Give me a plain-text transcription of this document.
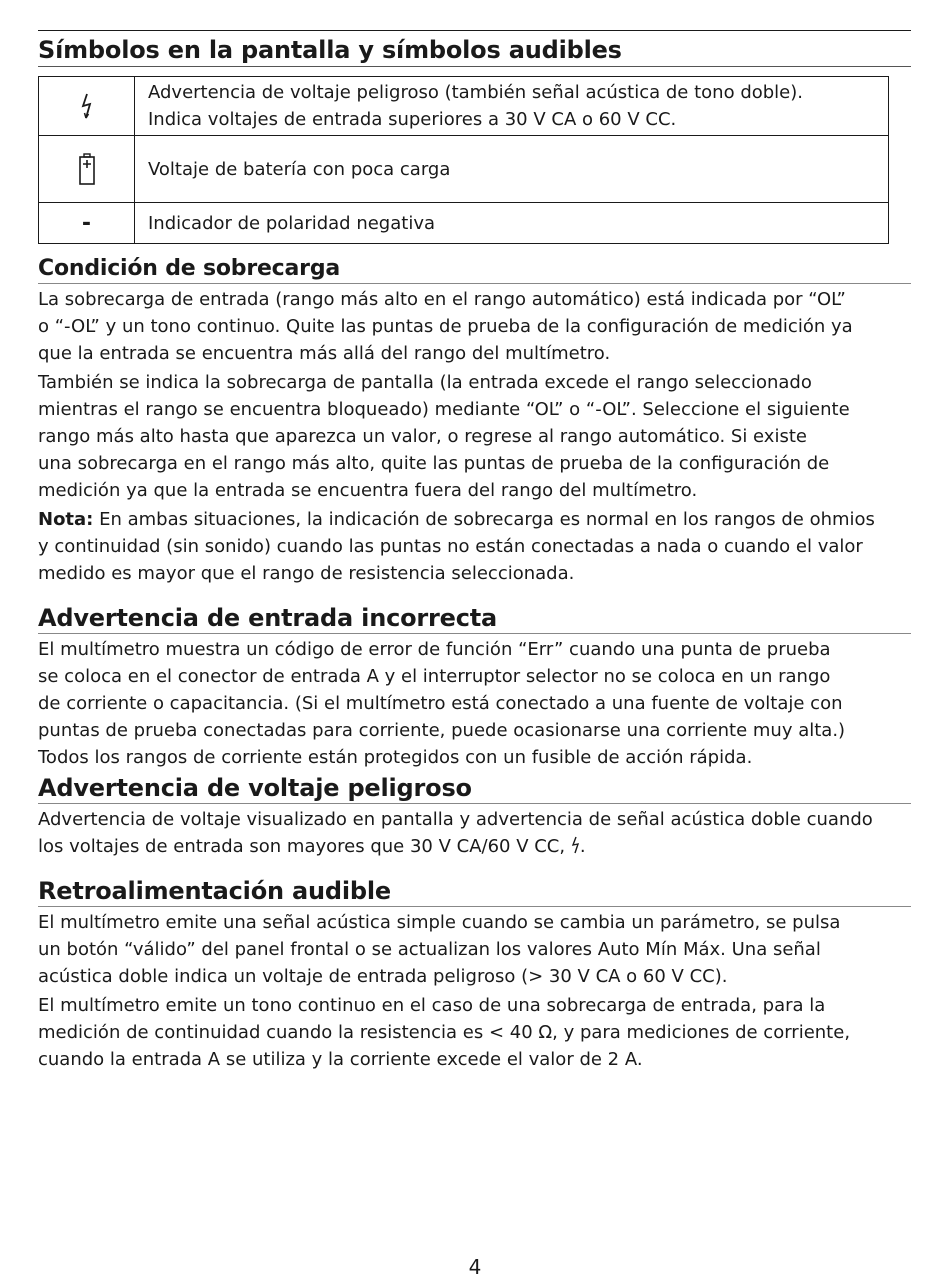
Símbolos en la pantalla y símbolos audibles
	Advertencia de voltaje peligroso (también señal acústica de tono doble).
Indica voltajes de entrada superiores a 30 V CA o 60 V CC.
	Voltaje de batería con poca carga
-	Indicador de polaridad negativa
Condición de sobrecarga

La sobrecarga de entrada (rango más alto en el rango automático) está indicada por “OL”
o “-OL” y un tono continuo. Quite las puntas de prueba de la configuración de medición ya
que la entrada se encuentra más allá del rango del multímetro.

También se indica la sobrecarga de pantalla (la entrada excede el rango seleccionado
mientras el rango se encuentra bloqueado) mediante “OL” o “-OL”. Seleccione el siguiente
rango más alto hasta que aparezca un valor, o regrese al rango automático. Si existe
una sobrecarga en el rango más alto, quite las puntas de prueba de la configuración de
medición ya que la entrada se encuentra fuera del rango del multímetro.

Nota: En ambas situaciones, la indicación de sobrecarga es normal en los rangos de ohmios
y continuidad (sin sonido) cuando las puntas no están conectadas a nada o cuando el valor
medido es mayor que el rango de resistencia seleccionada.

Advertencia de entrada incorrecta

El multímetro muestra un código de error de función “Err” cuando una punta de prueba
se coloca en el conector de entrada A y el interruptor selector no se coloca en un rango
de corriente o capacitancia. (Si el multímetro está conectado a una fuente de voltaje con
puntas de prueba conectadas para corriente, puede ocasionarse una corriente muy alta.)
Todos los rangos de corriente están protegidos con un fusible de acción rápida.

Advertencia de voltaje peligroso

Advertencia de voltaje visualizado en pantalla y advertencia de señal acústica doble cuando
los voltajes de entrada son mayores que 30 V CA/60 V CC, .

Retroalimentación audible

El multímetro emite una señal acústica simple cuando se cambia un parámetro, se pulsa
un botón “válido” del panel frontal o se actualizan los valores Auto Mín Máx. Una señal
acústica doble indica un voltaje de entrada peligroso (> 30 V CA o 60 V CC).

El multímetro emite un tono continuo en el caso de una sobrecarga de entrada, para la
medición de continuidad cuando la resistencia es < 40 Ω, y para mediciones de corriente,
cuando la entrada A se utiliza y la corriente excede el valor de 2 A.

4
